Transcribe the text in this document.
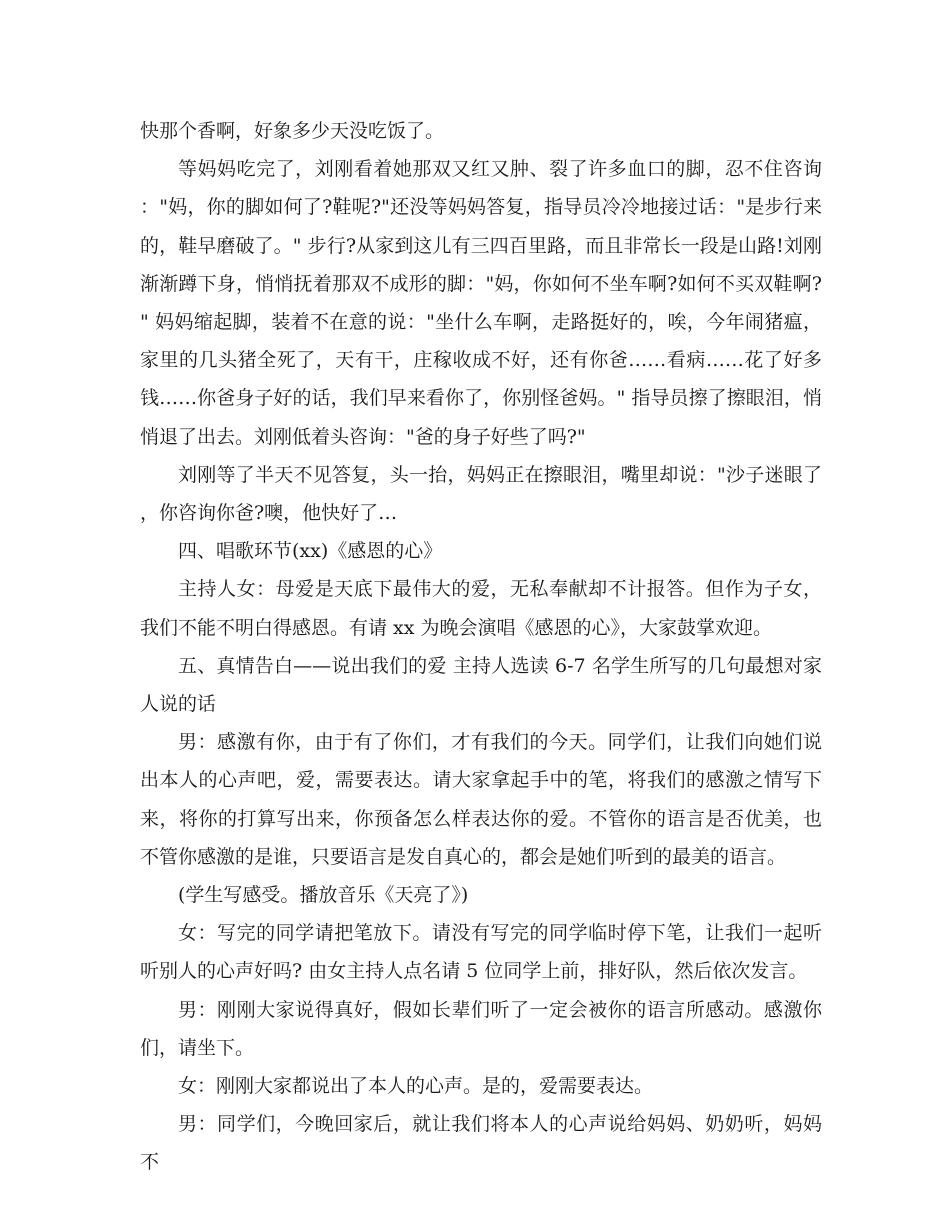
快那个香啊，好象多少天没吃饭了。

等妈妈吃完了，刘刚看着她那双又红又肿、裂了许多血口的脚，忍不住咨询："妈，你的脚如何了?鞋呢?"还没等妈妈答复，指导员冷冷地接过话："是步行来的，鞋早磨破了。" 步行?从家到这儿有三四百里路，而且非常长一段是山路!刘刚渐渐蹲下身，悄悄抚着那双不成形的脚："妈，你如何不坐车啊?如何不买双鞋啊?" 妈妈缩起脚，装着不在意的说："坐什么车啊，走路挺好的，唉，今年闹猪瘟，家里的几头猪全死了，天有干，庄稼收成不好，还有你爸……看病……花了好多钱……你爸身子好的话，我们早来看你了，你别怪爸妈。" 指导员擦了擦眼泪，悄悄退了出去。刘刚低着头咨询："爸的身子好些了吗?"

刘刚等了半天不见答复，头一抬，妈妈正在擦眼泪，嘴里却说："沙子迷眼了，你咨询你爸?噢，他快好了…

四、唱歌环节(xx)《感恩的心》

主持人女：母爱是天底下最伟大的爱，无私奉献却不计报答。但作为子女，我们不能不明白得感恩。有请 xx 为晚会演唱《感恩的心》，大家鼓掌欢迎。

五、真情告白——说出我们的爱 主持人选读 6-7 名学生所写的几句最想对家人说的话

男：感激有你，由于有了你们，才有我们的今天。同学们，让我们向她们说出本人的心声吧，爱，需要表达。请大家拿起手中的笔，将我们的感激之情写下来，将你的打算写出来，你预备怎么样表达你的爱。不管你的语言是否优美，也不管你感激的是谁，只要语言是发自真心的，都会是她们听到的最美的语言。

(学生写感受。播放音乐《天亮了》)

女：写完的同学请把笔放下。请没有写完的同学临时停下笔，让我们一起听听别人的心声好吗? 由女主持人点名请 5 位同学上前，排好队，然后依次发言。

男：刚刚大家说得真好，假如长辈们听了一定会被你的语言所感动。感激你们，请坐下。

女：刚刚大家都说出了本人的心声。是的，爱需要表达。

男：同学们，今晚回家后，就让我们将本人的心声说给妈妈、奶奶听，妈妈不
